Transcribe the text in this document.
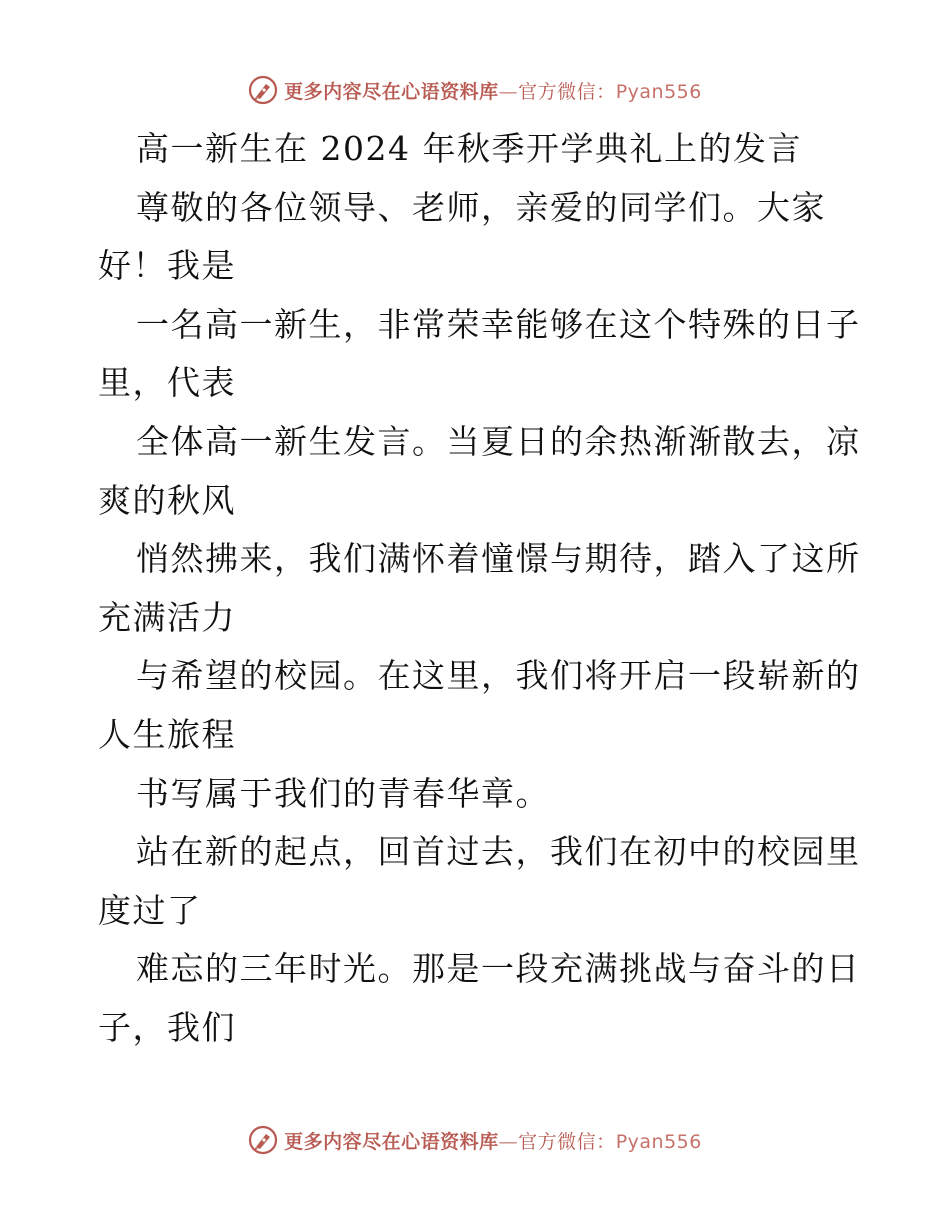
更多内容尽在心语资料库—官方微信：Pyan556
高一新生在 2024 年秋季开学典礼上的发言
尊敬的各位领导、老师，亲爱的同学们。大家
好！我是
一名高一新生，非常荣幸能够在这个特殊的日子
里，代表
全体高一新生发言。当夏日的余热渐渐散去，凉
爽的秋风
悄然拂来，我们满怀着憧憬与期待，踏入了这所
充满活力
与希望的校园。在这里，我们将开启一段崭新的
人生旅程
书写属于我们的青春华章。
站在新的起点，回首过去，我们在初中的校园里
度过了
难忘的三年时光。那是一段充满挑战与奋斗的日
子，我们
更多内容尽在心语资料库—官方微信：Pyan556
